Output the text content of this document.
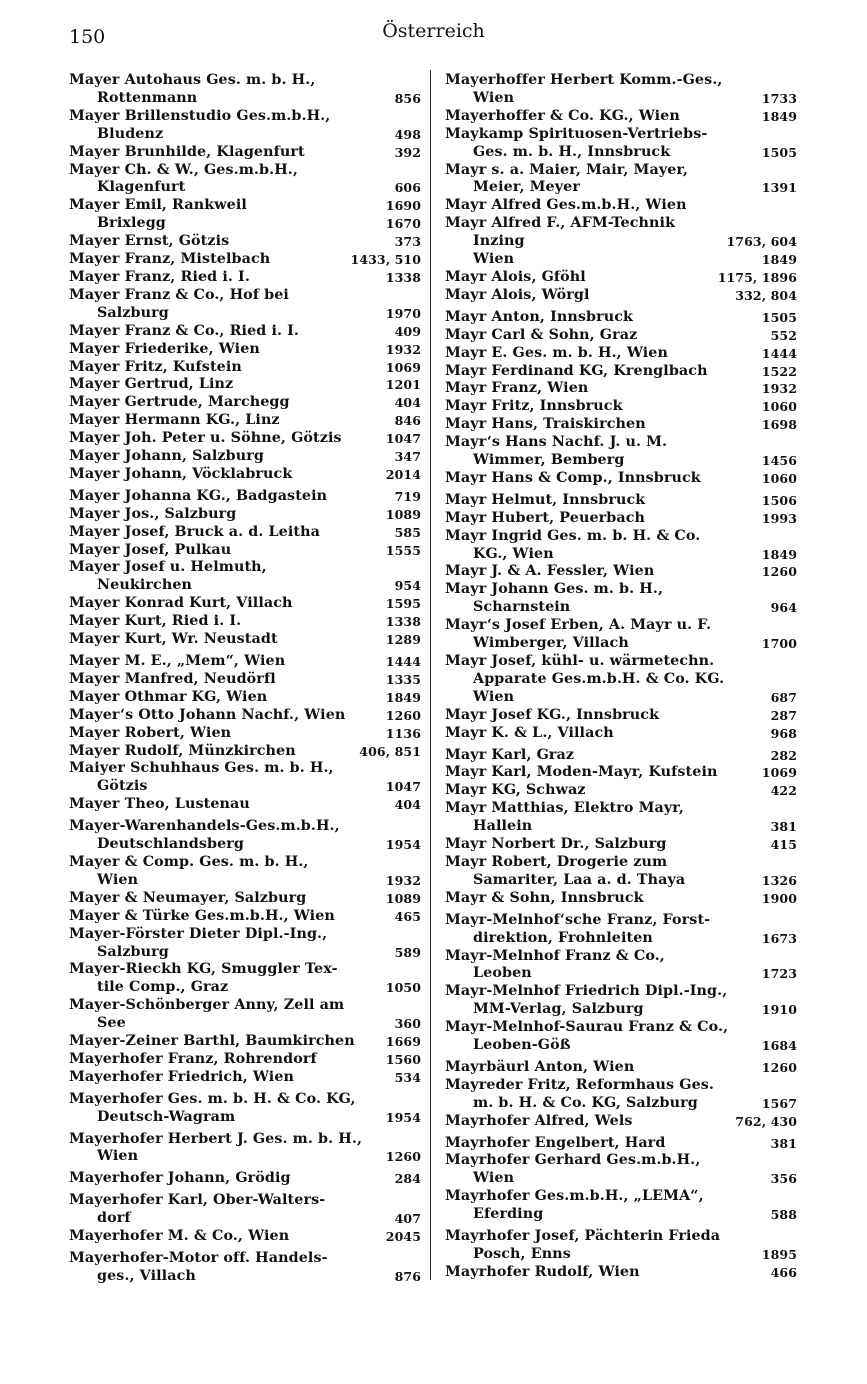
150	Österreich
Mayer Autohaus Ges. m. b. H.,
Rottenmann	856
Mayer Brillenstudio Ges.m.b.H.,
Bludenz	498
Mayer Brunhilde, Klagenfurt	392
Mayer Ch. & W., Ges.m.b.H.,
Klagenfurt	606
Mayer Emil, Rankweil	1690
Brixlegg	1670
Mayer Ernst, Götzis	373
Mayer Franz, Mistelbach	1433, 510
Mayer Franz, Ried i. I.	1338
Mayer Franz & Co., Hof bei
Salzburg	1970
Mayer Franz & Co., Ried i. I.	409
Mayer Friederike, Wien	1932
Mayer Fritz, Kufstein	1069
Mayer Gertrud, Linz	1201
Mayer Gertrude, Marchegg	404
Mayer Hermann KG., Linz	846
Mayer Joh. Peter u. Söhne, Götzis	1047
Mayer Johann, Salzburg	347
Mayer Johann, Vöcklabruck	2014
Mayer Johanna KG., Badgastein	719
Mayer Jos., Salzburg	1089
Mayer Josef, Bruck a. d. Leitha	585
Mayer Josef, Pulkau	1555
Mayer Josef u. Helmuth,
Neukirchen	954
Mayer Konrad Kurt, Villach	1595
Mayer Kurt, Ried i. I.	1338
Mayer Kurt, Wr. Neustadt	1289
Mayer M. E., „Mem“, Wien	1444
Mayer Manfred, Neudörfl	1335
Mayer Othmar KG, Wien	1849
Mayer‘s Otto Johann Nachf., Wien	1260
Mayer Robert, Wien	1136
Mayer Rudolf, Münzkirchen	406, 851
Maiyer Schuhhaus Ges. m. b. H.,
Götzis	1047
Mayer Theo, Lustenau	404
Mayer-Warenhandels-Ges.m.b.H.,
Deutschlandsberg	1954
Mayer & Comp. Ges. m. b. H.,
Wien	1932
Mayer & Neumayer, Salzburg	1089
Mayer & Türke Ges.m.b.H., Wien	465
Mayer-Förster Dieter Dipl.-Ing.,
Salzburg	589
Mayer-Rieckh KG, Smuggler Tex-
tile Comp., Graz	1050
Mayer-Schönberger Anny, Zell am
See	360
Mayer-Zeiner Barthl, Baumkirchen	1669
Mayerhofer Franz, Rohrendorf	1560
Mayerhofer Friedrich, Wien	534
Mayerhofer Ges. m. b. H. & Co. KG,
Deutsch-Wagram	1954
Mayerhofer Herbert J. Ges. m. b. H.,
Wien	1260
Mayerhofer Johann, Grödig	284
Mayerhofer Karl, Ober-Walters-
dorf	407
Mayerhofer M. & Co., Wien	2045
Mayerhofer-Motor off. Handels-
ges., Villach	876
Mayerhoffer Herbert Komm.-Ges.,
Wien	1733
Mayerhoffer & Co. KG., Wien	1849
Maykamp Spirituosen-Vertriebs-
Ges. m. b. H., Innsbruck	1505
Mayr s. a. Maier, Mair, Mayer,
Meier, Meyer	1391
Mayr Alfred Ges.m.b.H., Wien
Mayr Alfred F., AFM-Technik
Inzing	1763, 604
Wien	1849
Mayr Alois, Gföhl	1175, 1896
Mayr Alois, Wörgl	332, 804
Mayr Anton, Innsbruck	1505
Mayr Carl & Sohn, Graz	552
Mayr E. Ges. m. b. H., Wien	1444
Mayr Ferdinand KG, Krenglbach	1522
Mayr Franz, Wien	1932
Mayr Fritz, Innsbruck	1060
Mayr Hans, Traiskirchen	1698
Mayr‘s Hans Nachf. J. u. M.
Wimmer, Bemberg	1456
Mayr Hans & Comp., Innsbruck	1060
Mayr Helmut, Innsbruck	1506
Mayr Hubert, Peuerbach	1993
Mayr Ingrid Ges. m. b. H. & Co.
KG., Wien	1849
Mayr J. & A. Fessler, Wien	1260
Mayr Johann Ges. m. b. H.,
Scharnstein	964
Mayr‘s Josef Erben, A. Mayr u. F.
Wimberger, Villach	1700
Mayr Josef, kühl- u. wärmetechn.
Apparate Ges.m.b.H. & Co. KG.
Wien	687
Mayr Josef KG., Innsbruck	287
Mayr K. & L., Villach	968
Mayr Karl, Graz	282
Mayr Karl, Moden-Mayr, Kufstein	1069
Mayr KG, Schwaz	422
Mayr Matthias, Elektro Mayr,
Hallein	381
Mayr Norbert Dr., Salzburg	415
Mayr Robert, Drogerie zum
Samariter, Laa a. d. Thaya	1326
Mayr & Sohn, Innsbruck	1900
Mayr-Melnhof‘sche Franz, Forst-
direktion, Frohnleiten	1673
Mayr-Melnhof Franz & Co.,
Leoben	1723
Mayr-Melnhof Friedrich Dipl.-Ing.,
MM-Verlag, Salzburg	1910
Mayr-Melnhof-Saurau Franz & Co.,
Leoben-Göß	1684
Mayrbäurl Anton, Wien	1260
Mayreder Fritz, Reformhaus Ges.
m. b. H. & Co. KG, Salzburg	1567
Mayrhofer Alfred, Wels	762, 430
Mayrhofer Engelbert, Hard	381
Mayrhofer Gerhard Ges.m.b.H.,
Wien	356
Mayrhofer Ges.m.b.H., „LEMA“,
Eferding	588
Mayrhofer Josef, Pächterin Frieda
Posch, Enns	1895
Mayrhofer Rudolf, Wien	466
